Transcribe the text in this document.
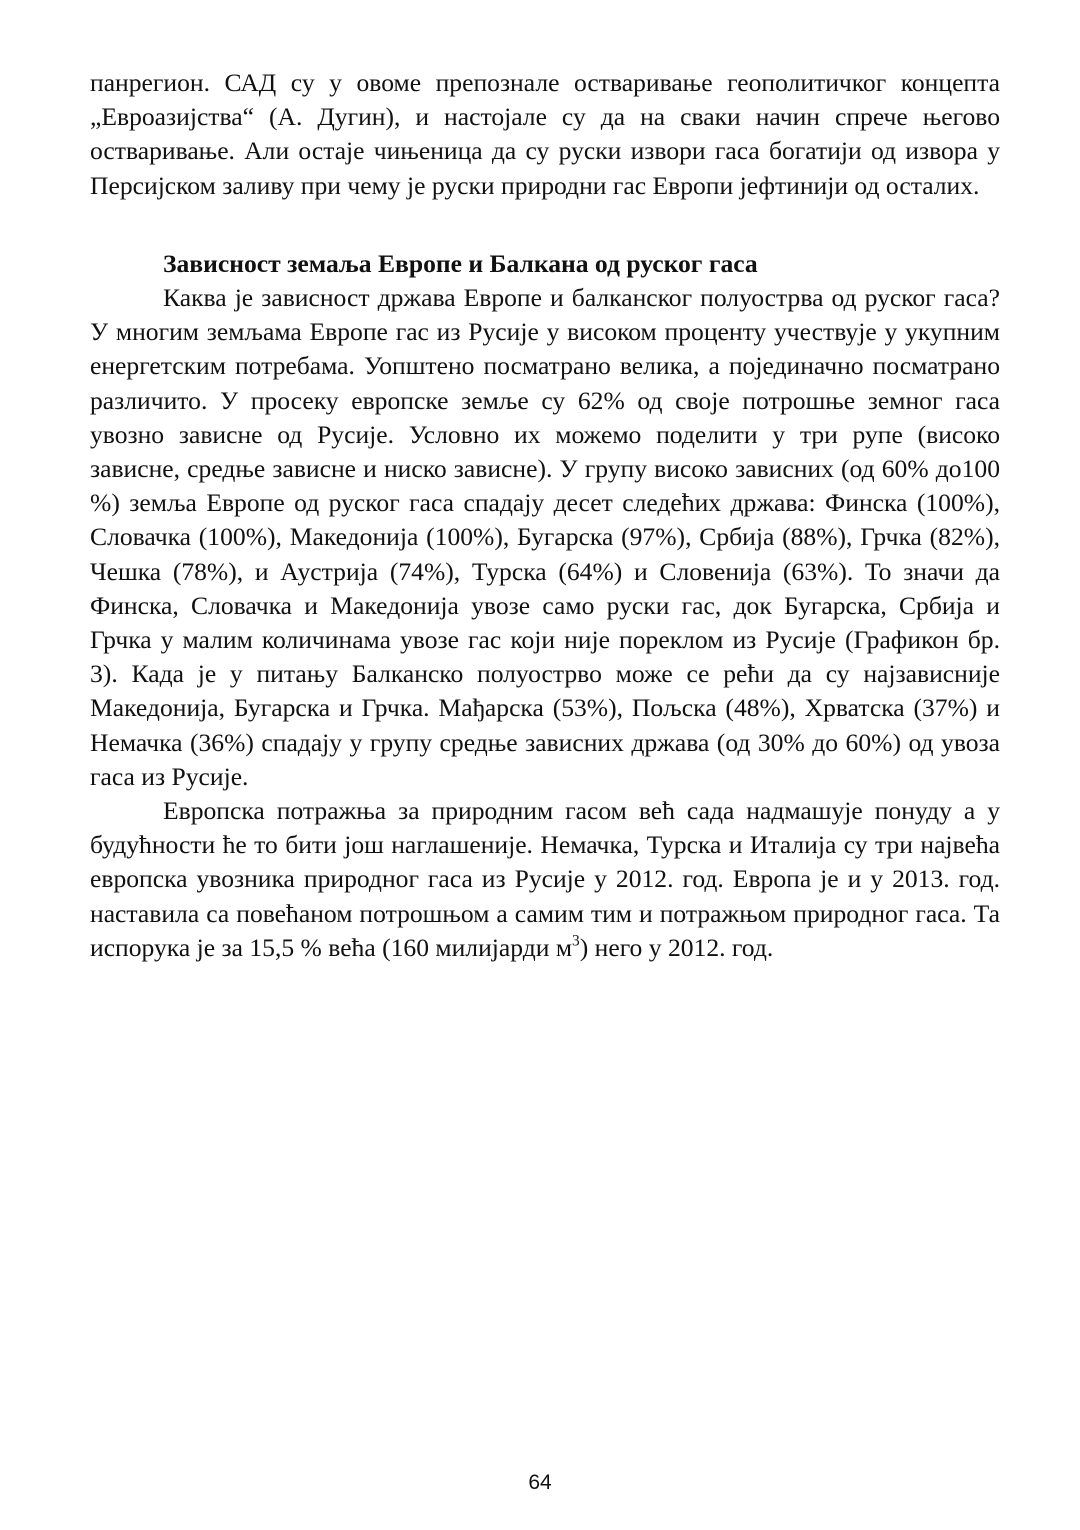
панрегион. САД су у овоме препознале остваривање геополитичког концепта „Евроазијства“ (А. Дугин), и настојале су да на сваки начин спрече његово остваривање. Али остаје чињеница да су руски извори гаса богатији од извора у Персијском заливу при чему је руски природни гас Европи јефтинији од осталих.

Зависност земаља Европе и Балкана од руског гаса

Каква је зависност држава Европе и балканског полуострва од руског гаса? У многим земљама Европе гас из Русије у високом проценту учествује у укупним енергетским потребама. Уопштено посматрано велика, а појединачно посматрано различито. У просеку европске земље су 62% од своје потрошње земног гаса увозно зависне од Русије. Условно их можемо поделити у три рупе (високо зависне, средње зависне и ниско зависне). У групу високо зависних (од 60% до100 %) земља Европе од руског гаса спадају десет следећих држава: Финска (100%), Словачка (100%), Македонија (100%), Бугарска (97%), Србија (88%), Грчка (82%), Чешка (78%), и Аустрија (74%), Турска (64%) и Словенија (63%). То значи да Финска, Словачка и Македонија увозе само руски гас, док Бугарска, Србија и Грчка у малим количинама увозе гас који није пореклом из Русије (Графикон бр. 3). Када је у питању Балканско полуострво може се рећи да су најзависније Македонија, Бугарска и Грчка. Мађарска (53%), Пољска (48%), Хрватска (37%) и Немачка (36%) спадају у групу средње зависних држава (од 30% до 60%) од увоза гаса из Русије.

Европска потражња за природним гасом већ сада надмашује понуду а у будућности ће то бити још наглашеније. Немачка, Турска и Италија су три највећа европска увозника природног гаса из Русије у 2012. год. Европа је и у 2013. год. наставила са повећаном потрошњом а самим тим и потражњом природног гаса. Та испорука је за 15,5 % већа (160 милијарди $м^3$) него у 2012. год.

64
